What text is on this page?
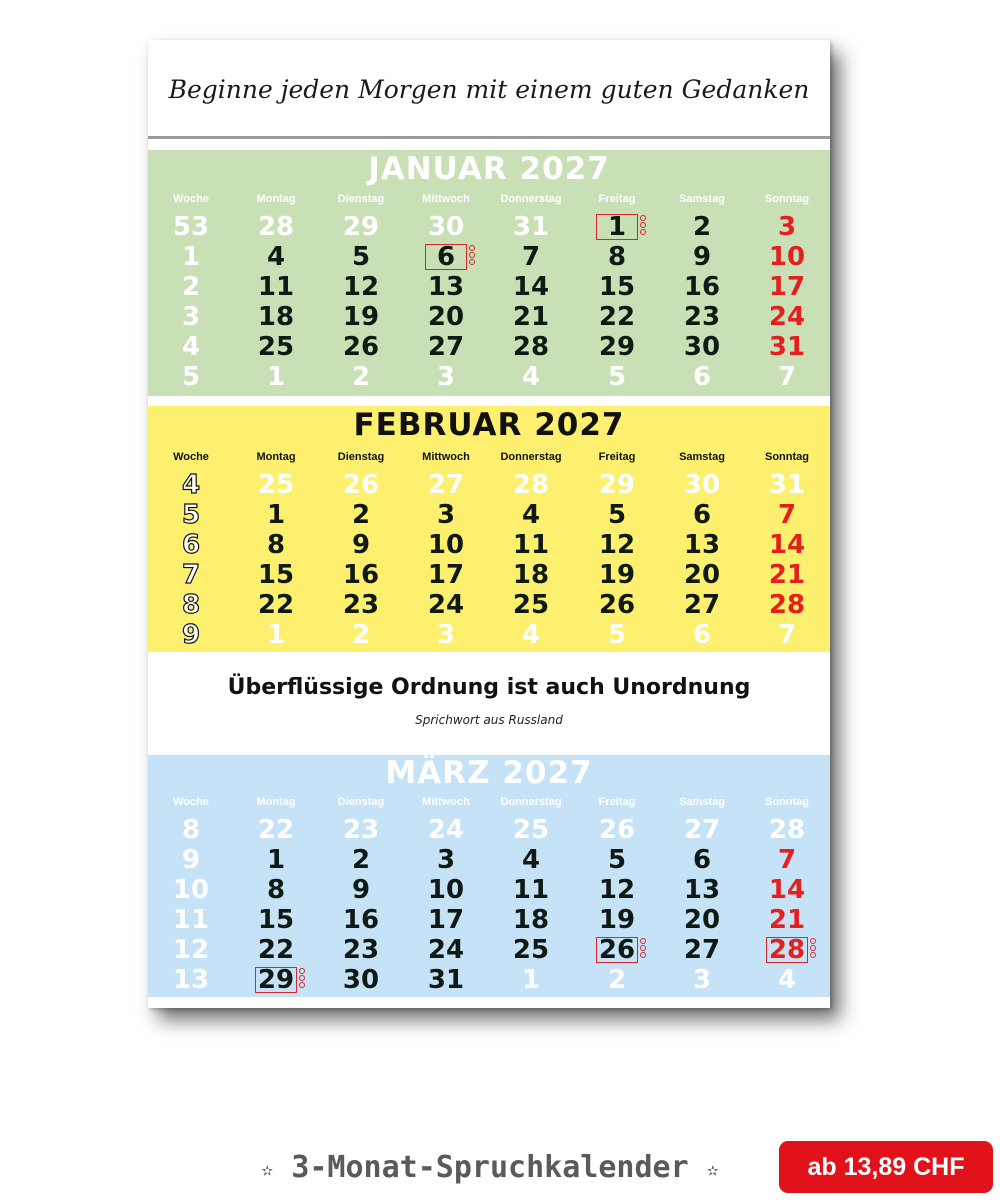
Beginne jeden Morgen mit einem guten Gedanken
JANUAR 2027
Woche	Montag	Dienstag	Mittwoch	Donnerstag	Freitag	Samstag	Sonntag
53	28	29	30	31	1	2	3
1	4	5	6	7	8	9	10
2	11	12	13	14	15	16	17
3	18	19	20	21	22	23	24
4	25	26	27	28	29	30	31
5	1	2	3	4	5	6	7
FEBRUAR 2027
Woche	Montag	Dienstag	Mittwoch	Donnerstag	Freitag	Samstag	Sonntag
4	25	26	27	28	29	30	31
5	1	2	3	4	5	6	7
6	8	9	10	11	12	13	14
7	15	16	17	18	19	20	21
8	22	23	24	25	26	27	28
9	1	2	3	4	5	6	7
Überflüssige Ordnung ist auch Unordnung
Sprichwort aus Russland
MÄRZ 2027
Woche	Montag	Dienstag	Mittwoch	Donnerstag	Freitag	Samstag	Sonntag
8	22	23	24	25	26	27	28
9	1	2	3	4	5	6	7
10	8	9	10	11	12	13	14
11	15	16	17	18	19	20	21
12	22	23	24	25	26	27	28
13	29	30	31	1	2	3	4
✫ 3-Monat-Spruchkalender ✫	ab 13,89 CHF
